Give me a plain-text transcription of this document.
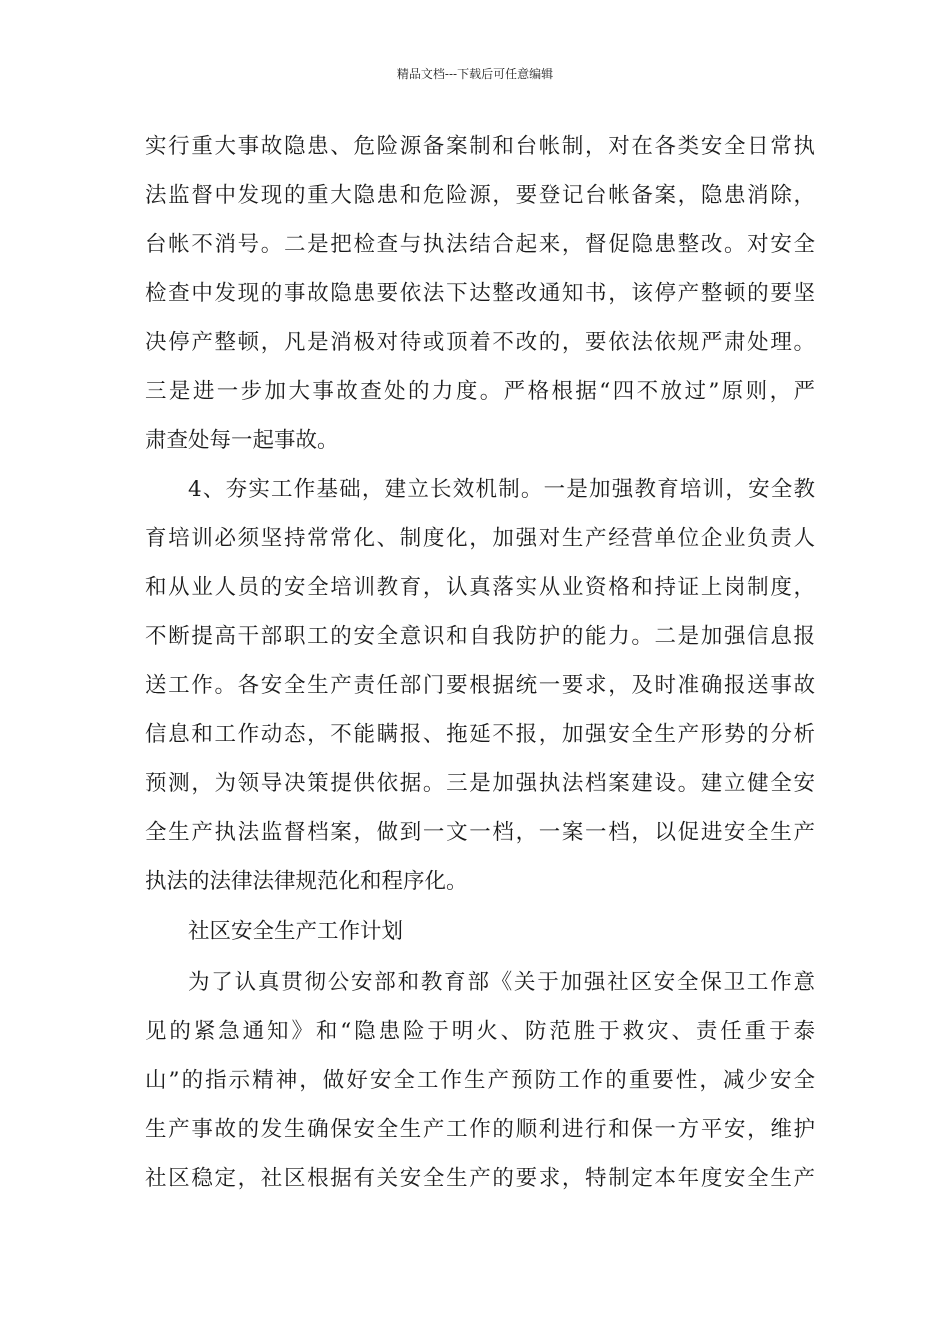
精品文档---下载后可任意编辑
实行重大事故隐患、危险源备案制和台帐制，对在各类安全日常执
法监督中发现的重大隐患和危险源，要登记台帐备案，隐患消除，
台帐不消号。二是把检查与执法结合起来，督促隐患整改。对安全
检查中发现的事故隐患要依法下达整改通知书，该停产整顿的要坚
决停产整顿，凡是消极对待或顶着不改的，要依法依规严肃处理。
三是进一步加大事故查处的力度。严格根据“四不放过”原则，严
肃查处每一起事故。
4、夯实工作基础，建立长效机制。一是加强教育培训，安全教
育培训必须坚持常常化、制度化，加强对生产经营单位企业负责人
和从业人员的安全培训教育，认真落实从业资格和持证上岗制度，
不断提高干部职工的安全意识和自我防护的能力。二是加强信息报
送工作。各安全生产责任部门要根据统一要求，及时准确报送事故
信息和工作动态，不能瞒报、拖延不报，加强安全生产形势的分析
预测，为领导决策提供依据。三是加强执法档案建设。建立健全安
全生产执法监督档案，做到一文一档，一案一档，以促进安全生产
执法的法律法律规范化和程序化。
社区安全生产工作计划
为了认真贯彻公安部和教育部《关于加强社区安全保卫工作意
见的紧急通知》和“隐患险于明火、防范胜于救灾、责任重于泰
山”的指示精神，做好安全工作生产预防工作的重要性，减少安全
生产事故的发生确保安全生产工作的顺利进行和保一方平安，维护
社区稳定，社区根据有关安全生产的要求，特制定本年度安全生产
